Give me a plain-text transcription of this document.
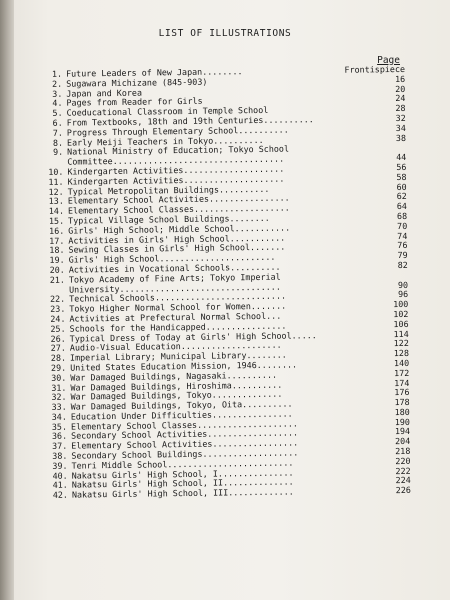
LIST OF ILLUSTRATIONS
Page
1. Future Leaders of New Japan........	Frontispiece
2. Sugawara Michizane (845-903)	16
3. Japan and Korea	20
4. Pages from Reader for Girls	24
5. Coeducational Classroom in Temple School	28
6. From Textbooks, 18th and 19th Centuries..........	32
7. Progress Through Elementary School..........	34
8. Early Meiji Teachers in Tokyo..........	38
9. National Ministry of Education; Tokyo School
Committee..................................	44
10. Kindergarten Activities....................	56
11. Kindergarten Activities....................	58
12. Typical Metropolitan Buildings..........	60
13. Elementary School Activities................	62
14. Elementary School Classes...................	64
15. Typical Village School Buildings........	68
16. Girls' High School; Middle School...........	70
17. Activities in Girls' High School...........	74
18. Sewing Classes in Girls' High School.......	76
19. Girls' High School.......................	79
20. Activities in Vocational Schools..........	82
21. Tokyo Academy of Fine Arts; Tokyo Imperial
University................................	90
22. Technical Schools..........................	96
23. Tokyo Higher Normal School for Women.......	100
24. Activities at Prefectural Normal School...	102
25. Schools for the Handicapped................	106
26. Typical Dress of Today at Girls' High School.....	114
27. Audio-Visual Education....................	122
28. Imperial Library; Municipal Library........	128
29. United States Education Mission, 1946........	140
30. War Damaged Buildings, Nagasaki..........	172
31. War Damaged Buildings, Hiroshima..........	174
32. War Damaged Buildings, Tokyo..............	176
33. War Damaged Buildings, Tokyo, Oita..........	178
34. Education Under Difficulties................	180
35. Elementary School Classes....................	190
36. Secondary School Activities..................	194
37. Elementary School Activities.................	204
38. Secondary School Buildings...................	218
39. Tenri Middle School.........................	220
40. Nakatsu Girls' High School, I...............	222
41. Nakatsu Girls' High School, II..............	224
42. Nakatsu Girls' High School, III.............	226
